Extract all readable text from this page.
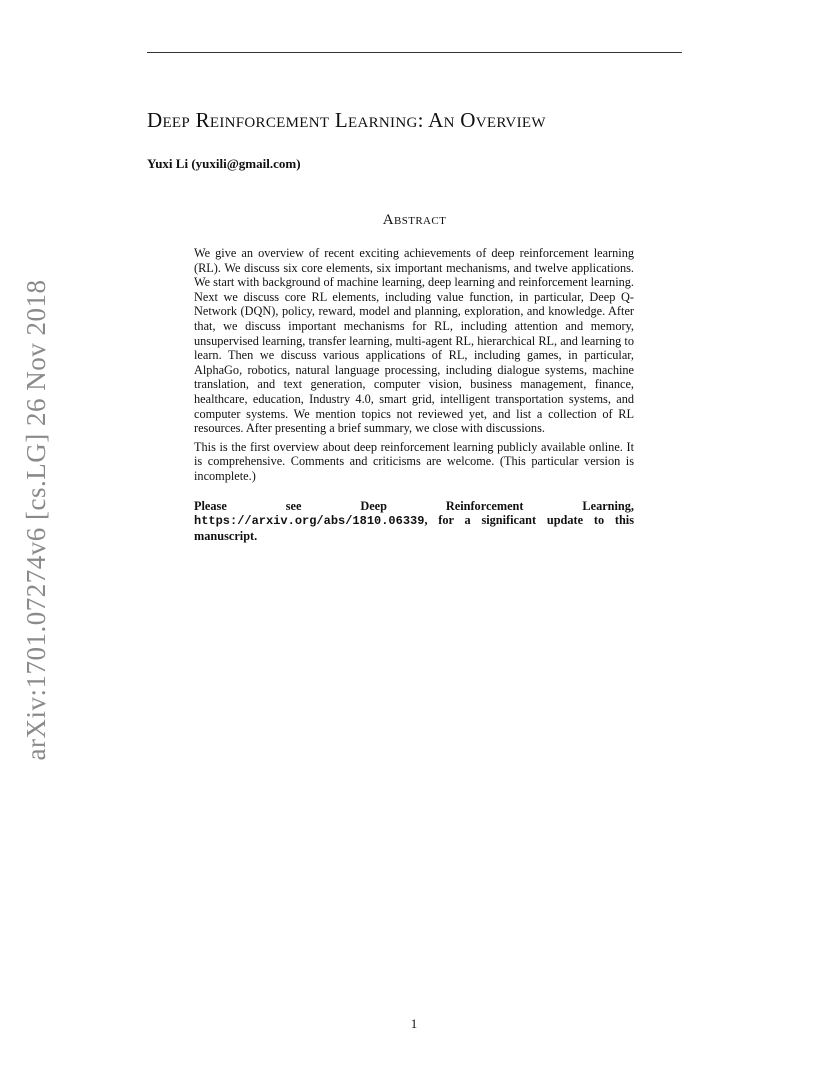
Deep Reinforcement Learning: An Overview
Yuxi Li (yuxili@gmail.com)
Abstract

We give an overview of recent exciting achievements of deep reinforcement learning (RL). We discuss six core elements, six important mechanisms, and twelve applications. We start with background of machine learning, deep learning and reinforcement learning. Next we discuss core RL elements, including value function, in particular, Deep Q-Network (DQN), policy, reward, model and planning, exploration, and knowledge. After that, we discuss important mechanisms for RL, including attention and memory, unsupervised learning, transfer learning, multi-agent RL, hierarchical RL, and learning to learn. Then we discuss various applications of RL, including games, in particular, AlphaGo, robotics, natural language processing, including dialogue systems, machine translation, and text generation, computer vision, business management, finance, healthcare, education, Industry 4.0, smart grid, intelligent transportation systems, and computer systems. We mention topics not reviewed yet, and list a collection of RL resources. After presenting a brief summary, we close with discussions.

This is the first overview about deep reinforcement learning publicly available online. It is comprehensive. Comments and criticisms are welcome. (This particular version is incomplete.)

Please see Deep Reinforcement Learning, https://arxiv.org/abs/1810.06339, for a significant update to this manuscript.

arXiv:1701.07274v6 [cs.LG] 26 Nov 2018
1
